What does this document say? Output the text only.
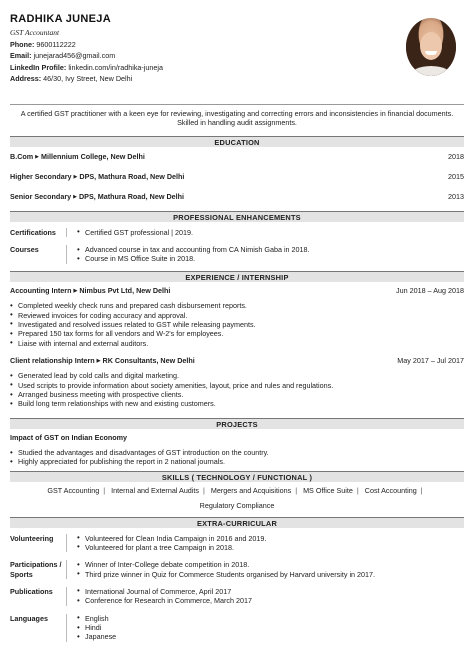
RADHIKA JUNEJA
GST Accountant
Phone: 9600112222
Email: junejarad456@gmail.com
LinkedIn Profile: linkedin.com/in/radhika-juneja
Address: 46/30, Ivy Street, New Delhi
A certified GST practitioner with a keen eye for reviewing, investigating and correcting errors and inconsistencies in financial documents. Skilled in handling audit assignments.
EDUCATION
B.Com ▶ Millennium College, New Delhi	2018
Higher Secondary ▶ DPS, Mathura Road, New Delhi	2015
Senior Secondary ▶ DPS, Mathura Road, New Delhi	2013
PROFESSIONAL ENHANCEMENTS
Certifications	• Certified GST professional | 2019.
Courses	• Advanced course in tax and accounting from CA Nimish Gaba in 2018.
• Course in MS Office Suite in 2018.
EXPERIENCE / INTERNSHIP
Accounting Intern ▶ Nimbus Pvt Ltd, New Delhi	Jun 2018 – Aug 2018
• Completed weekly check runs and prepared cash disbursement reports.
• Reviewed invoices for coding accuracy and approval.
• Investigated and resolved issues related to GST while releasing payments.
• Prepared 150 tax forms for all vendors and W-2's for employees.
• Liaise with internal and external auditors.
Client relationship Intern ▶ RK Consultants, New Delhi	May 2017 – Jul 2017
• Generated lead by cold calls and digital marketing.
• Used scripts to provide information about society amenities, layout, price and rules and regulations.
• Arranged business meeting with prospective clients.
• Build long term relationships with new and existing customers.
PROJECTS
Impact of GST on Indian Economy
• Studied the advantages and disadvantages of GST introduction on the country.
• Highly appreciated for publishing the report in 2 national journals.
SKILLS ( TECHNOLOGY / FUNCTIONAL )
GST Accounting | Internal and External Audits | Mergers and Acquisitions | MS Office Suite | Cost Accounting |
Regulatory Compliance
EXTRA-CURRICULAR
Volunteering	• Volunteered for Clean India Campaign in 2016 and 2019.
• Volunteered for plant a tree Campaign in 2018.
Participations / Sports
• Winner of Inter-College debate competition in 2018.
• Third prize winner in Quiz for Commerce Students organised by Harvard university in 2017.
Publications	• International Journal of Commerce, April 2017
• Conference for Research in Commerce, March 2017
Languages	• English
• Hindi
• Japanese
